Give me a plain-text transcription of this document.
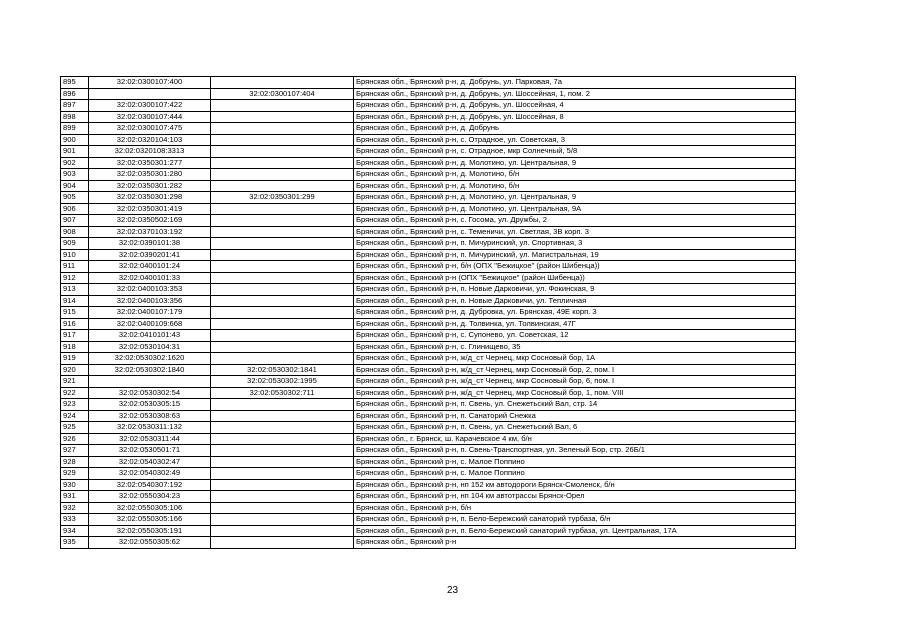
895	32:02:0300107:400		Брянская обл., Брянский р-н, д. Добрунь, ул. Парковая, 7а
896		32:02:0300107:404	Брянская обл., Брянский р-н, д. Добрунь, ул. Шоссейная, 1, пом. 2
897	32:02:0300107:422		Брянская обл., Брянский р-н, д. Добрунь, ул. Шоссейная, 4
898	32:02:0300107:444		Брянская обл., Брянский р-н, д. Добрунь, ул. Шоссейная, 8
899	32:02:0300107:475		Брянская обл., Брянский р-н, д. Добрунь
900	32:02:0320104:103		Брянская обл., Брянский р-н, с. Отрадное, ул. Советская, 3
901	32:02:0320108:3313		Брянская обл., Брянский р-н, с. Отрадное, мкр Солнечный, 5/8
902	32:02:0350301:277		Брянская обл., Брянский р-н, д. Молотино, ул. Центральная, 9
903	32:02:0350301:280		Брянская обл., Брянский р-н, д. Молотино, б/н
904	32:02:0350301:282		Брянская обл., Брянский р-н, д. Молотино, б/н
905	32:02:0350301:298	32:02:0350301:299	Брянская обл., Брянский р-н, д. Молотино, ул. Центральная, 9
906	32:02:0350301:419		Брянская обл., Брянский р-н, д. Молотино, ул. Центральная, 9А
907	32:02:0350502:169		Брянская обл., Брянский р-н, с. Госома, ул. Дружбы, 2
908	32:02:0370103:192		Брянская обл., Брянский р-н, с. Теменичи, ул. Светлая, 3В корп. 3
909	32:02:0390101:38		Брянская обл., Брянский р-н, п. Мичуринский, ул. Спортивная, 3
910	32:02:0390201:41		Брянская обл., Брянский р-н, п. Мичуринский, ул. Магистральная, 19
911	32:02:0400101:24		Брянская обл., Брянский р-н, б/н (ОПХ "Бежицкое" (район Шибенца))
912	32:02:0400101:33		Брянская обл., Брянский р-н (ОПХ "Бежицкое" (район Шибенца))
913	32:02:0400103:353		Брянская обл., Брянский р-н, п. Новые Дарковичи, ул. Фокинская, 9
914	32:02:0400103:356		Брянская обл., Брянский р-н, п. Новые Дарковичи, ул. Тепличная
915	32:02:0400107:179		Брянская обл., Брянский р-н, д. Дубровка, ул. Брянская, 49Е корп. 3
916	32:02:0400109:668		Брянская обл., Брянский р-н, д. Толвинка, ул. Толвинская, 47Г
917	32:02:0410101:43		Брянская обл., Брянский р-н, с. Супонево, ул. Советская, 12
918	32:02:0530104:31		Брянская обл., Брянский р-н, с. Глинищево, 35
919	32:02:0530302:1620		Брянская обл., Брянский р-н, ж/д_ст Чернец, мкр Сосновый бор, 1А
920	32:02:0530302:1840	32:02:0530302:1841	Брянская обл., Брянский р-н, ж/д_ст Чернец, мкр Сосновый бор, 2, пом. I
921		32:02:0530302:1995	Брянская обл., Брянский р-н, ж/д_ст Чернец, мкр Сосновый бор, 6, пом. I
922	32:02:0530302:54	32:02:0530302:711	Брянская обл., Брянский р-н, ж/д_ст Чернец, мкр Сосновый бор, 1, пом. VIII
923	32:02:0530305:15		Брянская обл., Брянский р-н, п. Свень, ул. Снежетьский Вал, стр. 14
924	32:02:0530308:63		Брянская обл., Брянский р-н, п. Санаторий Снежка
925	32:02:0530311:132		Брянская обл., Брянский р-н, п. Свень, ул. Снежетьский Вал, 6
926	32:02:0530311:44		Брянская обл., г. Брянск, ш. Карачевское 4 км, б/н
927	32:02:0530501:71		Брянская обл., Брянский р-н, п. Свень-Транспортная, ул. Зеленый Бор, стр. 26Б/1
928	32:02:0540302:47		Брянская обл., Брянский р-н, с. Малое Поппино
929	32:02:0540302:49		Брянская обл., Брянский р-н, с. Малое Поппино
930	32:02:0540307:192		Брянская обл., Брянский р-н, нп 152 км автодороги Брянск-Смоленск, б/н
931	32:02:0550304:23		Брянская обл., Брянский р-н, нп 104 км автотрассы Брянск-Орел
932	32:02:0550305:106		Брянская обл., Брянский р-н, б/н
933	32:02:0550305:166		Брянская обл., Брянский р-н, п. Бело-Бережский санаторий турбаза, б/н
934	32:02:0550305:191		Брянская обл., Брянский р-н, п. Бело-Бережский санаторий турбаза, ул. Центральная, 17А
935	32:02:0550305:62		Брянская обл., Брянский р-н
23
